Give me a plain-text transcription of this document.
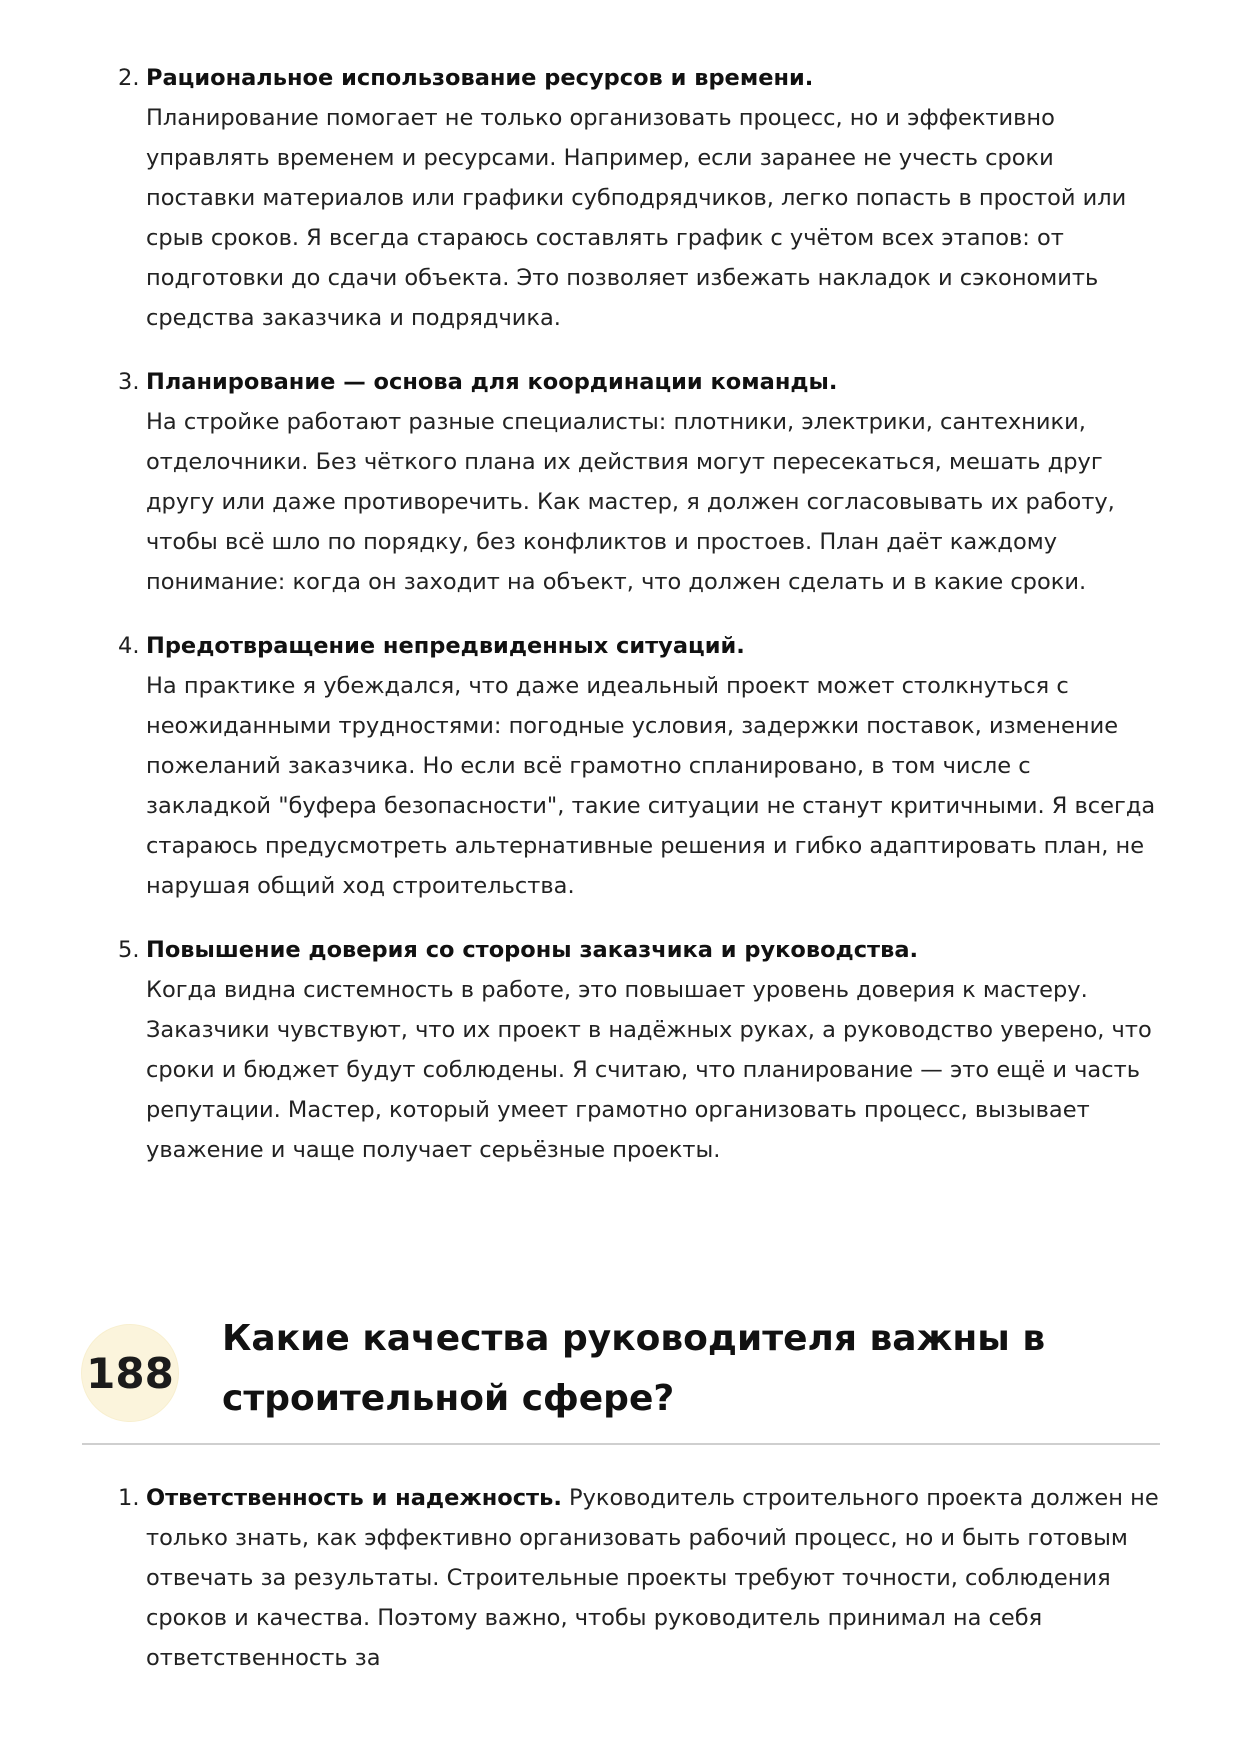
2. Рациональное использование ресурсов и времени.
Планирование помогает не только организовать процесс, но и эффективно управлять временем и ресурсами. Например, если заранее не учесть сроки поставки материалов или графики субподрядчиков, легко попасть в простой или срыв сроков. Я всегда стараюсь составлять график с учётом всех этапов: от подготовки до сдачи объекта. Это позволяет избежать накладок и сэкономить средства заказчика и подрядчика.
3. Планирование — основа для координации команды.
На стройке работают разные специалисты: плотники, электрики, сантехники, отделочники. Без чёткого плана их действия могут пересекаться, мешать друг другу или даже противоречить. Как мастер, я должен согласовывать их работу, чтобы всё шло по порядку, без конфликтов и простоев. План даёт каждому понимание: когда он заходит на объект, что должен сделать и в какие сроки.
4. Предотвращение непредвиденных ситуаций.
На практике я убеждался, что даже идеальный проект может столкнуться с неожиданными трудностями: погодные условия, задержки поставок, изменение пожеланий заказчика. Но если всё грамотно спланировано, в том числе с закладкой "буфера безопасности", такие ситуации не станут критичными. Я всегда стараюсь предусмотреть альтернативные решения и гибко адаптировать план, не нарушая общий ход строительства.
5. Повышение доверия со стороны заказчика и руководства.
Когда видна системность в работе, это повышает уровень доверия к мастеру. Заказчики чувствуют, что их проект в надёжных руках, а руководство уверено, что сроки и бюджет будут соблюдены. Я считаю, что планирование — это ещё и часть репутации. Мастер, который умеет грамотно организовать процесс, вызывает уважение и чаще получает серьёзные проекты.
188
Какие качества руководителя важны в строительной сфере?
1. Ответственность и надежность. Руководитель строительного проекта должен не только знать, как эффективно организовать рабочий процесс, но и быть готовым отвечать за результаты. Строительные проекты требуют точности, соблюдения сроков и качества. Поэтому важно, чтобы руководитель принимал на себя ответственность за
